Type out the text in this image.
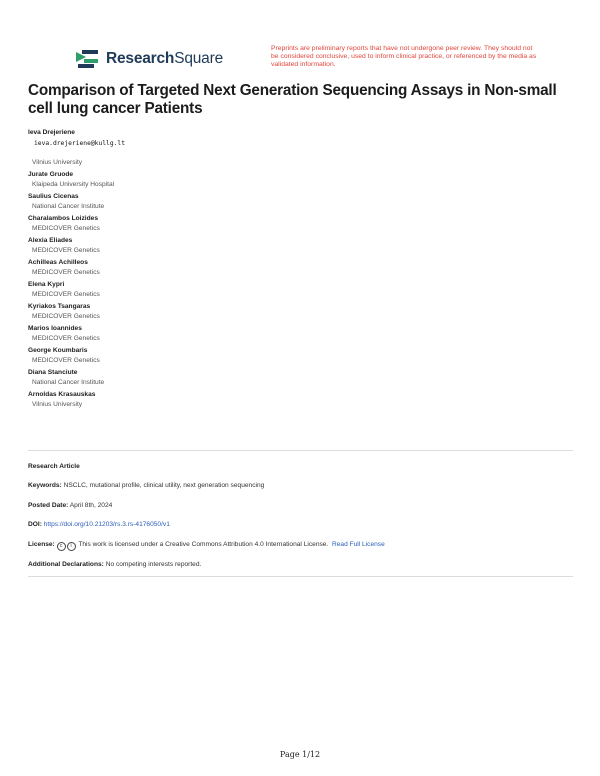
ResearchSquare
Preprints are preliminary reports that have not undergone peer review. They should not be considered conclusive, used to inform clinical practice, or referenced by the media as validated information.
Comparison of Targeted Next Generation Sequencing Assays in Non-small cell lung cancer Patients
Ieva Drejeriene
ieva.drejeriene@kullg.lt
Vilnius University
Jurate Gruode
Klaipeda University Hospital
Saulius Cicenas
National Cancer Institute
Charalambos Loizides
MEDICOVER Genetics
Alexia Eliades
MEDICOVER Genetics
Achilleas Achilleos
MEDICOVER Genetics
Elena Kypri
MEDICOVER Genetics
Kyriakos Tsangaras
MEDICOVER Genetics
Marios Ioannides
MEDICOVER Genetics
George Koumbaris
MEDICOVER Genetics
Diana Stanciute
National Cancer Institute
Arnoldas Krasauskas
Vilnius University
Research Article
Keywords: NSCLC, mutational profile, clinical utility, next generation sequencing
Posted Date: April 8th, 2024
DOI: https://doi.org/10.21203/rs.3.rs-4176050/v1
License: c i This work is licensed under a Creative Commons Attribution 4.0 International License. Read Full License
Additional Declarations: No competing interests reported.
Page 1/12
